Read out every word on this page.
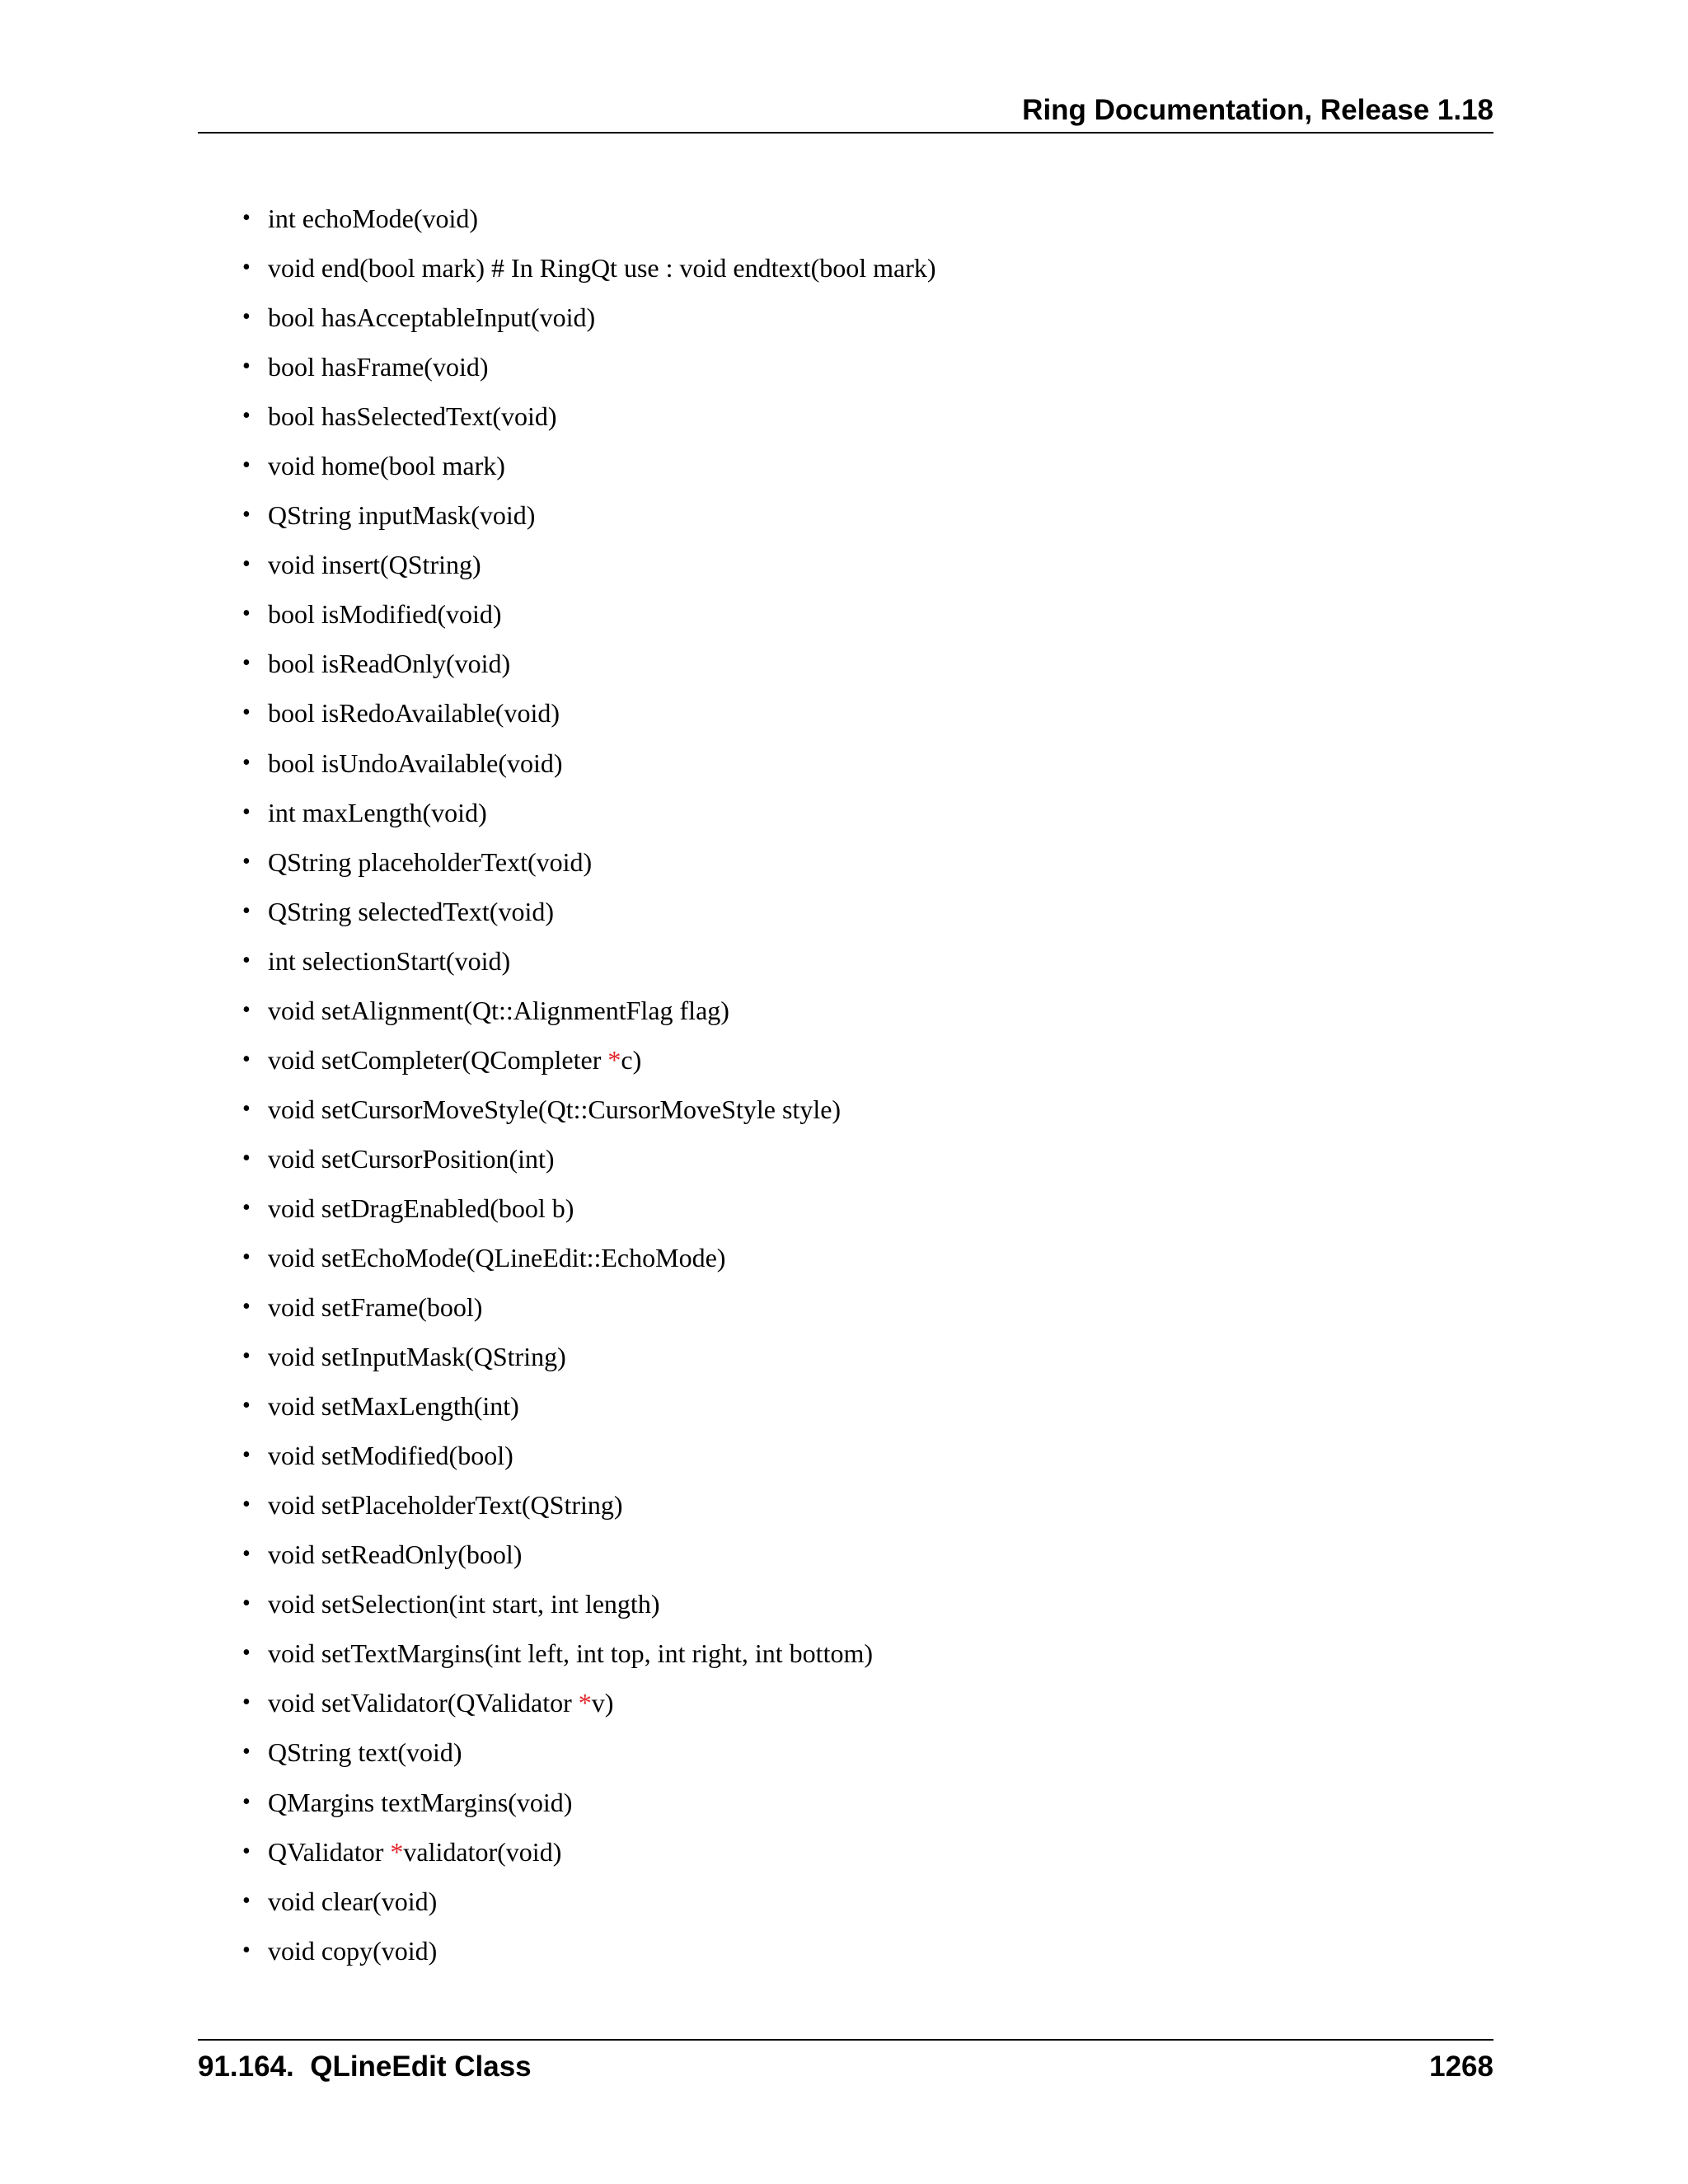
Ring Documentation, Release 1.18
• int echoMode(void)
• void end(bool mark) # In RingQt use : void endtext(bool mark)
• bool hasAcceptableInput(void)
• bool hasFrame(void)
• bool hasSelectedText(void)
• void home(bool mark)
• QString inputMask(void)
• void insert(QString)
• bool isModified(void)
• bool isReadOnly(void)
• bool isRedoAvailable(void)
• bool isUndoAvailable(void)
• int maxLength(void)
• QString placeholderText(void)
• QString selectedText(void)
• int selectionStart(void)
• void setAlignment(Qt::AlignmentFlag flag)
• void setCompleter(QCompleter *c)
• void setCursorMoveStyle(Qt::CursorMoveStyle style)
• void setCursorPosition(int)
• void setDragEnabled(bool b)
• void setEchoMode(QLineEdit::EchoMode)
• void setFrame(bool)
• void setInputMask(QString)
• void setMaxLength(int)
• void setModified(bool)
• void setPlaceholderText(QString)
• void setReadOnly(bool)
• void setSelection(int start, int length)
• void setTextMargins(int left, int top, int right, int bottom)
• void setValidator(QValidator *v)
• QString text(void)
• QMargins textMargins(void)
• QValidator *validator(void)
• void clear(void)
• void copy(void)
91.164.  QLineEdit Class	1268
